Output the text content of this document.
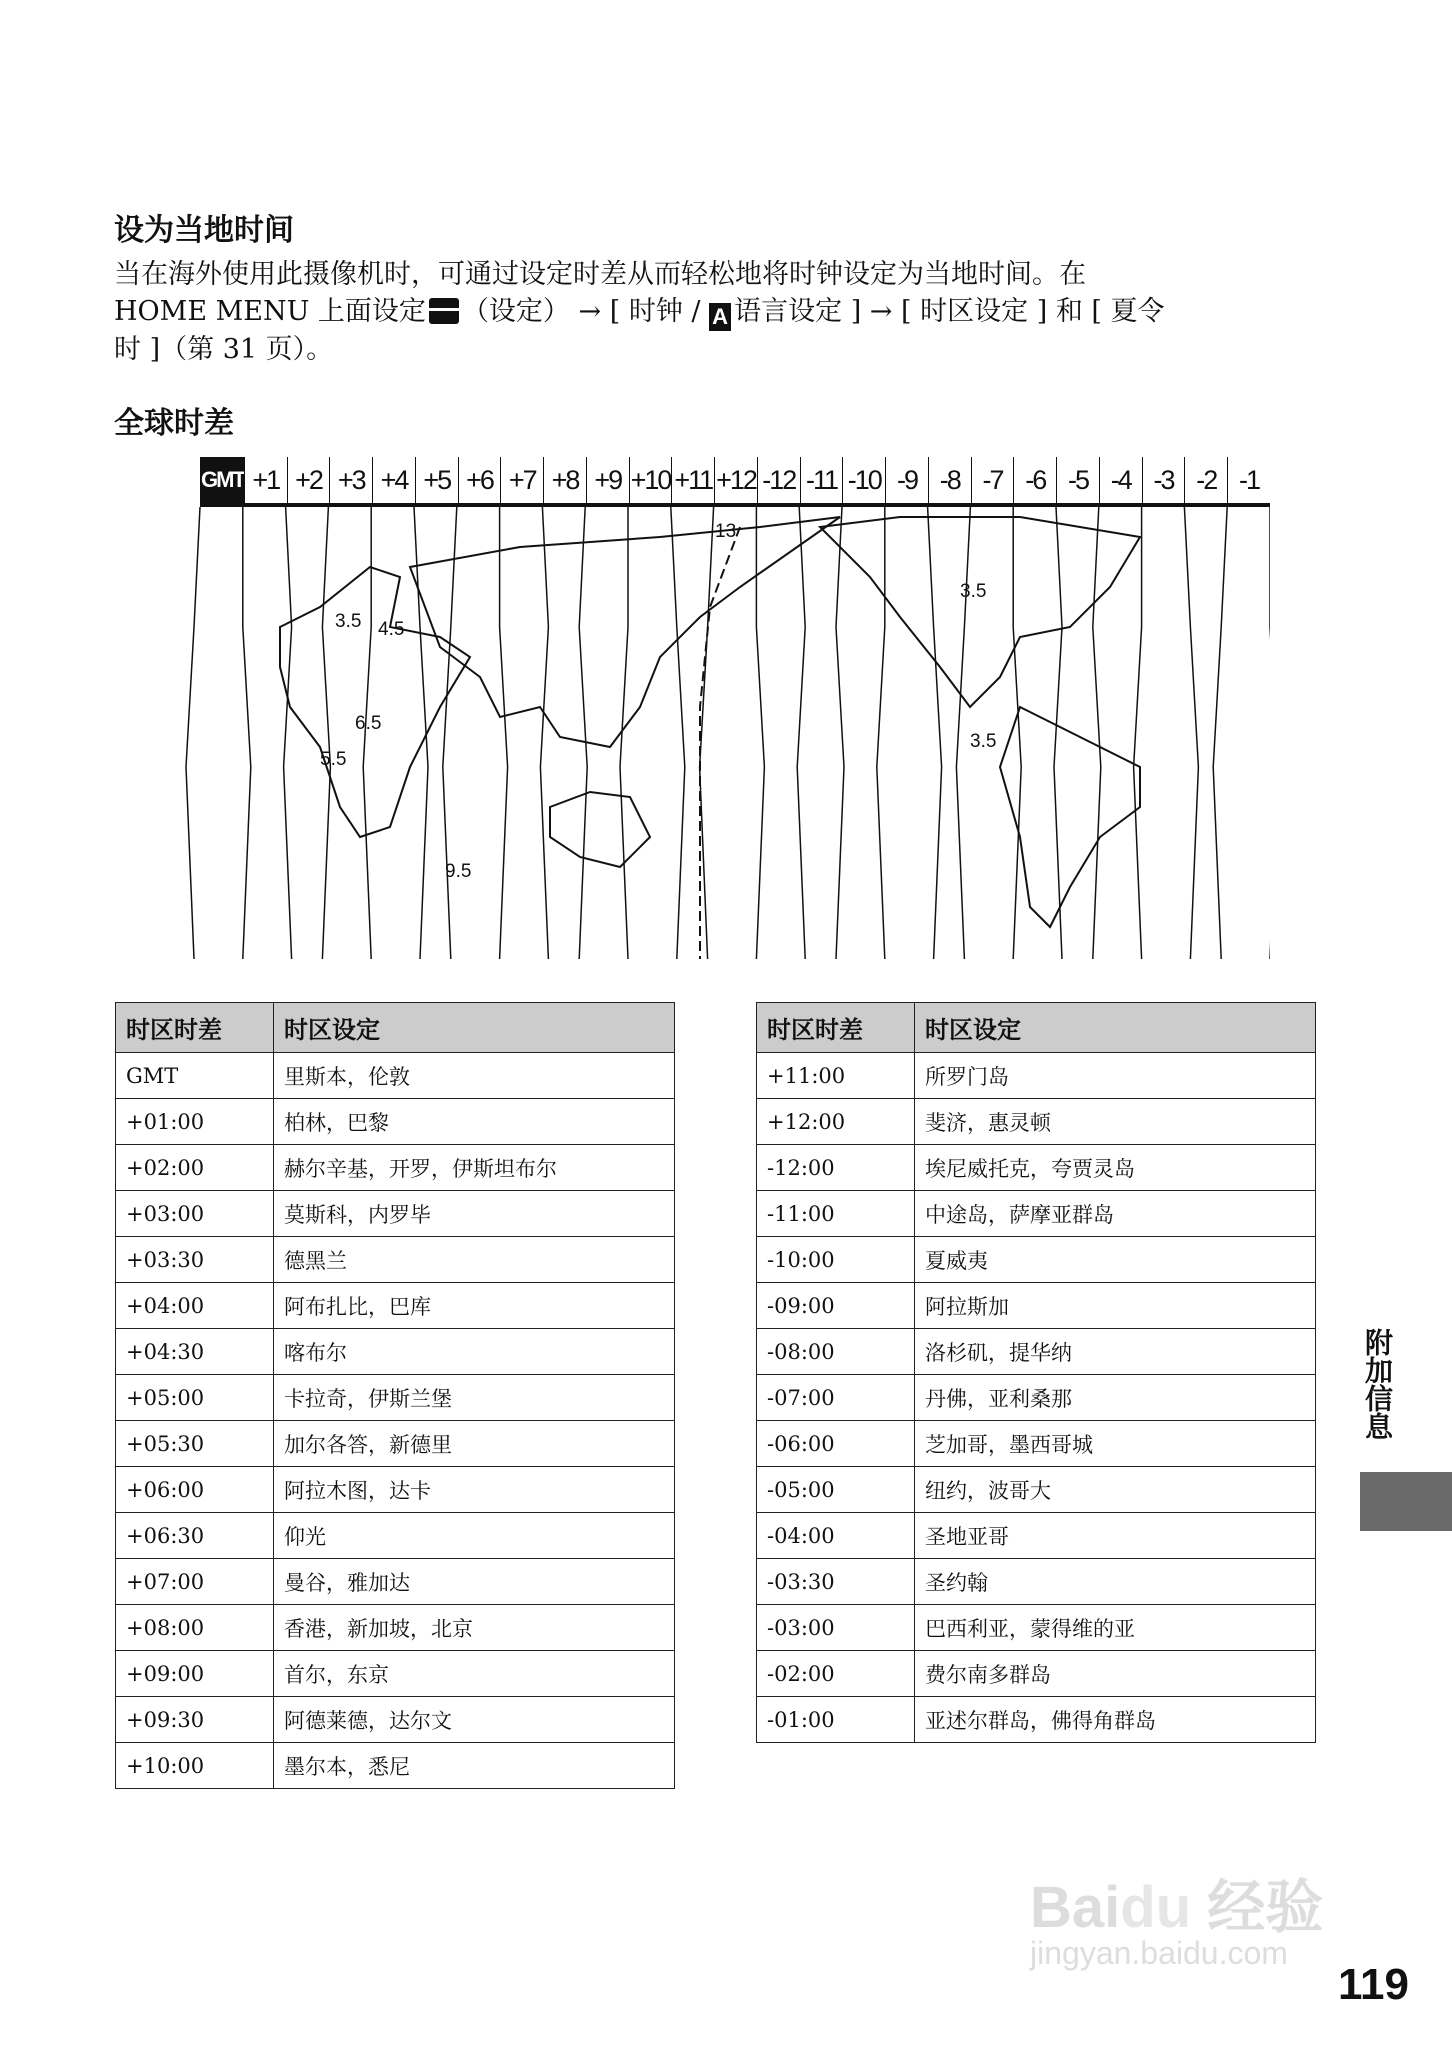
设为当地时间
当在海外使用此摄像机时，可通过设定时差从而轻松地将时钟设定为当地时间。在
HOME MENU 上面设定 （设定） → [ 时钟 / A 语言设定 ] → [ 时区设定 ] 和 [ 夏令
时 ]（第 31 页）。
全球时差
GMT +1 +2 +3 +4 +5 +6 +7 +8 +9 +10 +11 +12 -12 -11 -10 -9 -8 -7 -6 -5 -4 -3 -2 -1
13
3.5 4.5
5.5
6.5
9.5
3.5
3.5
时区时差	时区设定
GMT	里斯本，伦敦
+01:00	柏林，巴黎
+02:00	赫尔辛基，开罗，伊斯坦布尔
+03:00	莫斯科，内罗毕
+03:30	德黑兰
+04:00	阿布扎比，巴库
+04:30	喀布尔
+05:00	卡拉奇，伊斯兰堡
+05:30	加尔各答，新德里
+06:00	阿拉木图，达卡
+06:30	仰光
+07:00	曼谷，雅加达
+08:00	香港，新加坡，北京
+09:00	首尔，东京
+09:30	阿德莱德，达尔文
+10:00	墨尔本，悉尼
时区时差	时区设定
+11:00	所罗门岛
+12:00	斐济，惠灵顿
-12:00	埃尼威托克，夸贾灵岛
-11:00	中途岛，萨摩亚群岛
-10:00	夏威夷
-09:00	阿拉斯加
-08:00	洛杉矶，提华纳
-07:00	丹佛，亚利桑那
-06:00	芝加哥，墨西哥城
-05:00	纽约，波哥大
-04:00	圣地亚哥
-03:30	圣约翰
-03:00	巴西利亚，蒙得维的亚
-02:00	费尔南多群岛
-01:00	亚述尔群岛，佛得角群岛
附加信息
Baidu 经验
jingyan.baidu.com
119
